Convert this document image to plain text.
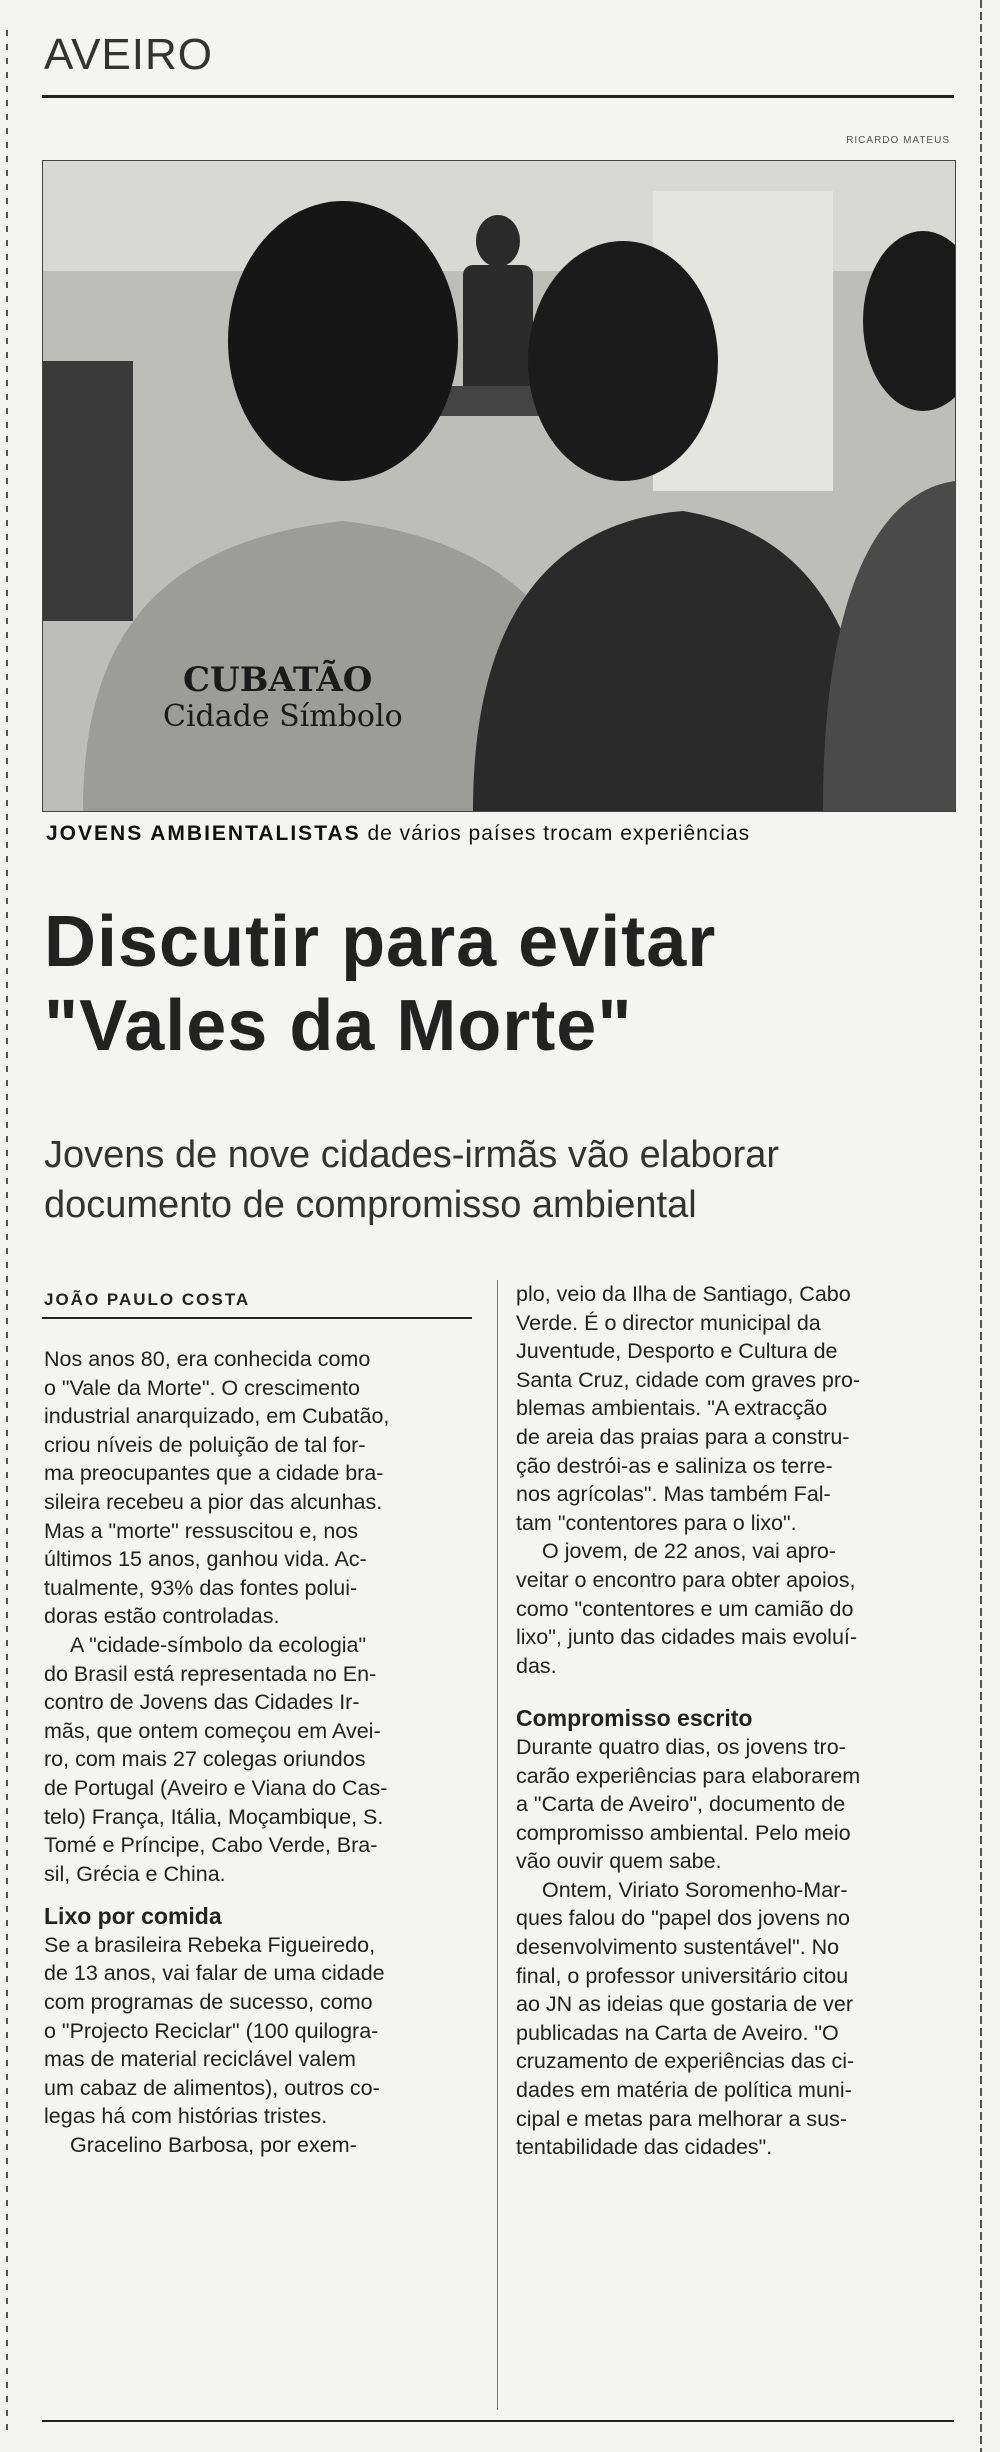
AVEIRO
RICARDO MATEUS
CUBATÃO
Cidade Símbolo
JOVENS AMBIENTALISTAS de vários países trocam experiências
Discutir para evitar
"Vales da Morte"
Jovens de nove cidades-irmãs vão elaborar
documento de compromisso ambiental
JOÃO PAULO COSTA

Nos anos 80, era conhecida como

o "Vale da Morte". O crescimento

industrial anarquizado, em Cubatão,

criou níveis de poluição de tal for-

ma preocupantes que a cidade bra-

sileira recebeu a pior das alcunhas.

Mas a "morte" ressuscitou e, nos

últimos 15 anos, ganhou vida. Ac-

tualmente, 93% das fontes polui-

doras estão controladas.

A "cidade-símbolo da ecologia"

do Brasil está representada no En-

contro de Jovens das Cidades Ir-

mãs, que ontem começou em Avei-

ro, com mais 27 colegas oriundos

de Portugal (Aveiro e Viana do Cas-

telo) França, Itália, Moçambique, S.

Tomé e Príncipe, Cabo Verde, Bra-

sil, Grécia e China.

Lixo por comida

Se a brasileira Rebeka Figueiredo,

de 13 anos, vai falar de uma cidade

com programas de sucesso, como

o "Projecto Reciclar" (100 quilogra-

mas de material reciclável valem

um cabaz de alimentos), outros co-

legas há com histórias tristes.

Gracelino Barbosa, por exem-

plo, veio da Ilha de Santiago, Cabo

Verde. É o director municipal da

Juventude, Desporto e Cultura de

Santa Cruz, cidade com graves pro-

blemas ambientais. "A extracção

de areia das praias para a constru-

ção destrói-as e saliniza os terre-

nos agrícolas". Mas também Fal-

tam "contentores para o lixo".

O jovem, de 22 anos, vai apro-

veitar o encontro para obter apoios,

como "contentores e um camião do

lixo", junto das cidades mais evoluí-

das.

Compromisso escrito

Durante quatro dias, os jovens tro-

carão experiências para elaborarem

a "Carta de Aveiro", documento de

compromisso ambiental. Pelo meio

vão ouvir quem sabe.

Ontem, Viriato Soromenho-Mar-

ques falou do "papel dos jovens no

desenvolvimento sustentável". No

final, o professor universitário citou

ao JN as ideias que gostaria de ver

publicadas na Carta de Aveiro. "O

cruzamento de experiências das ci-

dades em matéria de política muni-

cipal e metas para melhorar a sus-

tentabilidade das cidades".
